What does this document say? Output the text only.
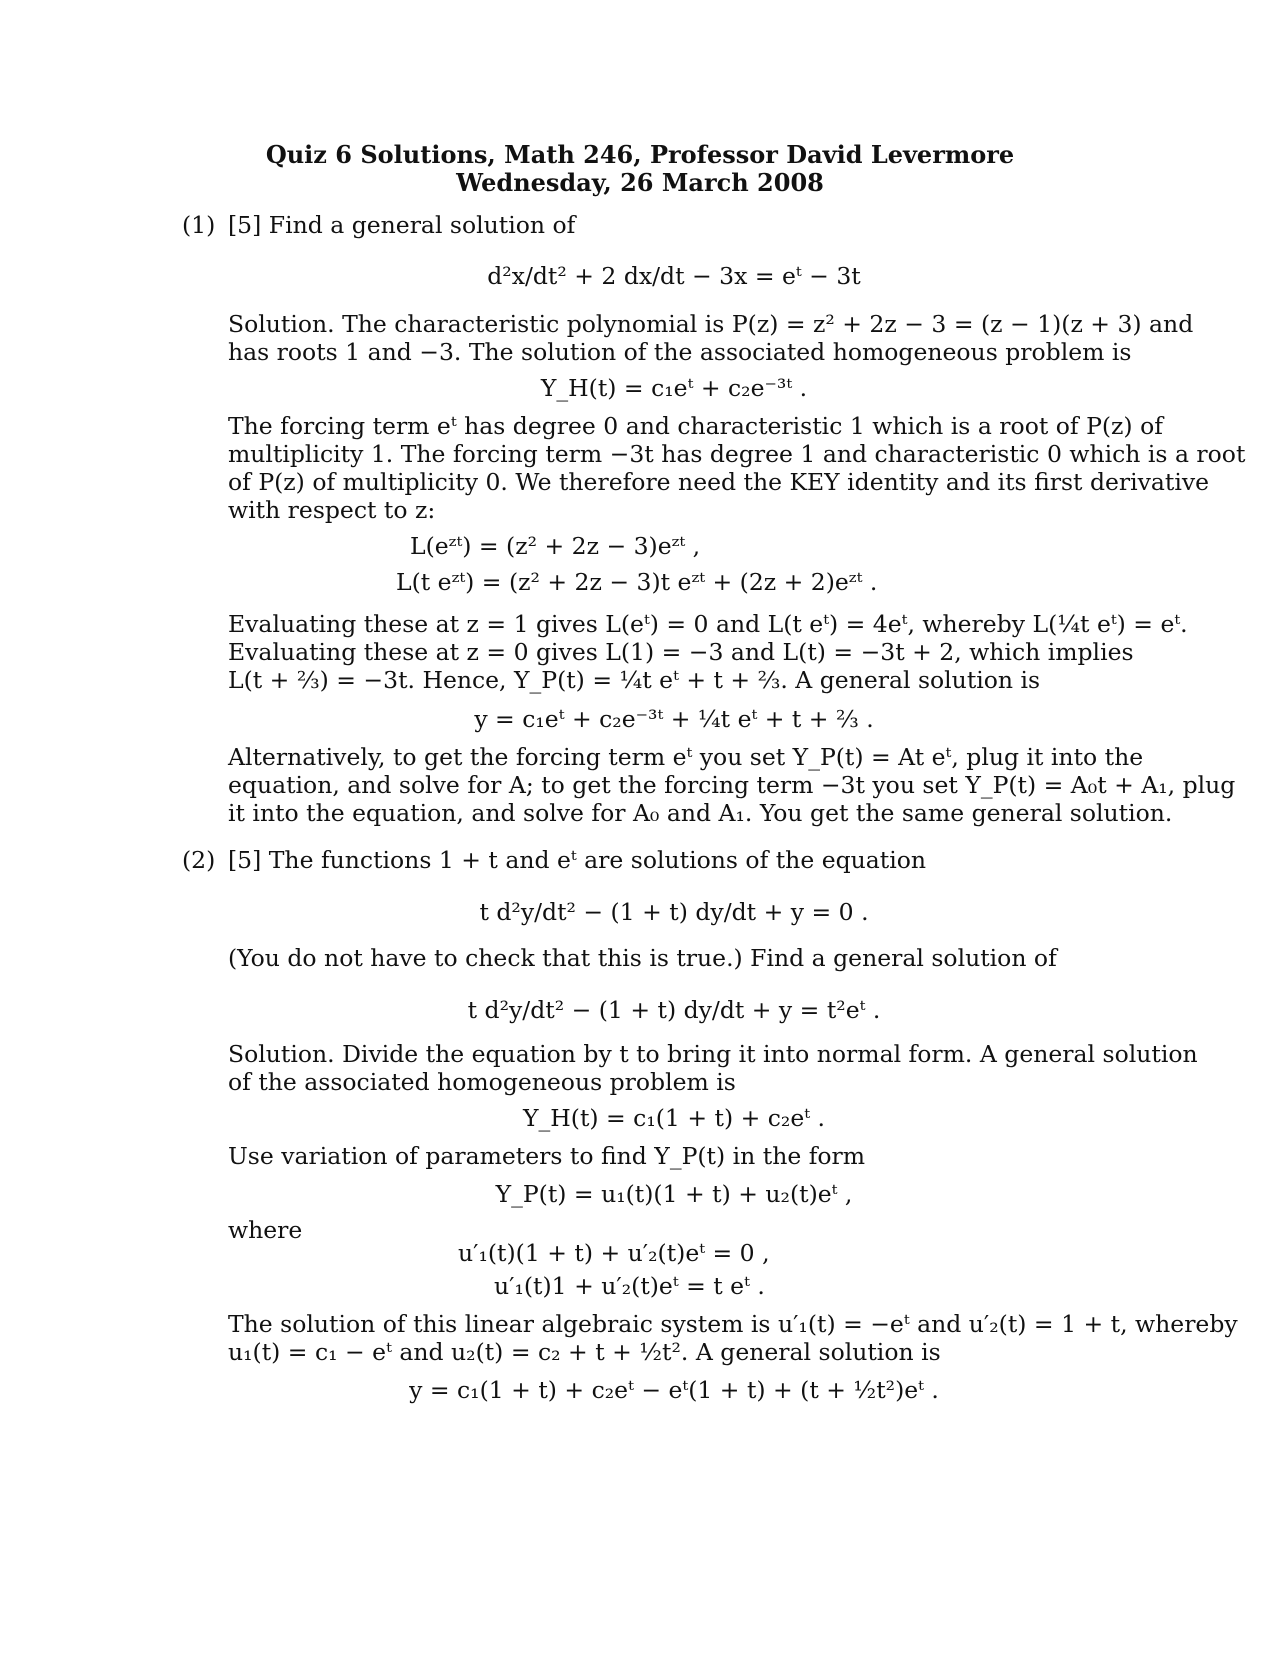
Quiz 6 Solutions, Math 246, Professor David Levermore
Wednesday, 26 March 2008
(1) [5] Find a general solution of
d²x/dt² + 2 dx/dt − 3x = eᵗ − 3t
Solution. The characteristic polynomial is P(z) = z² + 2z − 3 = (z − 1)(z + 3) and
has roots 1 and −3. The solution of the associated homogeneous problem is
Y_H(t) = c₁eᵗ + c₂e⁻³ᵗ .
The forcing term eᵗ has degree 0 and characteristic 1 which is a root of P(z) of
multiplicity 1. The forcing term −3t has degree 1 and characteristic 0 which is a root
of P(z) of multiplicity 0. We therefore need the KEY identity and its first derivative
with respect to z:
L(eᶻᵗ) = (z² + 2z − 3)eᶻᵗ ,
L(t eᶻᵗ) = (z² + 2z − 3)t eᶻᵗ + (2z + 2)eᶻᵗ .
Evaluating these at z = 1 gives L(eᵗ) = 0 and L(t eᵗ) = 4eᵗ, whereby L(¼t eᵗ) = eᵗ.
Evaluating these at z = 0 gives L(1) = −3 and L(t) = −3t + 2, which implies
L(t + ⅔) = −3t. Hence, Y_P(t) = ¼t eᵗ + t + ⅔. A general solution is
y = c₁eᵗ + c₂e⁻³ᵗ + ¼t eᵗ + t + ⅔ .
Alternatively, to get the forcing term eᵗ you set Y_P(t) = At eᵗ, plug it into the
equation, and solve for A; to get the forcing term −3t you set Y_P(t) = A₀t + A₁, plug
it into the equation, and solve for A₀ and A₁. You get the same general solution.
(2) [5] The functions 1 + t and eᵗ are solutions of the equation
t d²y/dt² − (1 + t) dy/dt + y = 0 .
(You do not have to check that this is true.) Find a general solution of
t d²y/dt² − (1 + t) dy/dt + y = t²eᵗ .
Solution. Divide the equation by t to bring it into normal form. A general solution
of the associated homogeneous problem is
Y_H(t) = c₁(1 + t) + c₂eᵗ .
Use variation of parameters to find Y_P(t) in the form
Y_P(t) = u₁(t)(1 + t) + u₂(t)eᵗ ,
where
u′₁(t)(1 + t) + u′₂(t)eᵗ = 0 ,
u′₁(t)1 + u′₂(t)eᵗ = t eᵗ .
The solution of this linear algebraic system is u′₁(t) = −eᵗ and u′₂(t) = 1 + t, whereby
u₁(t) = c₁ − eᵗ and u₂(t) = c₂ + t + ½t². A general solution is
y = c₁(1 + t) + c₂eᵗ − eᵗ(1 + t) + (t + ½t²)eᵗ .
